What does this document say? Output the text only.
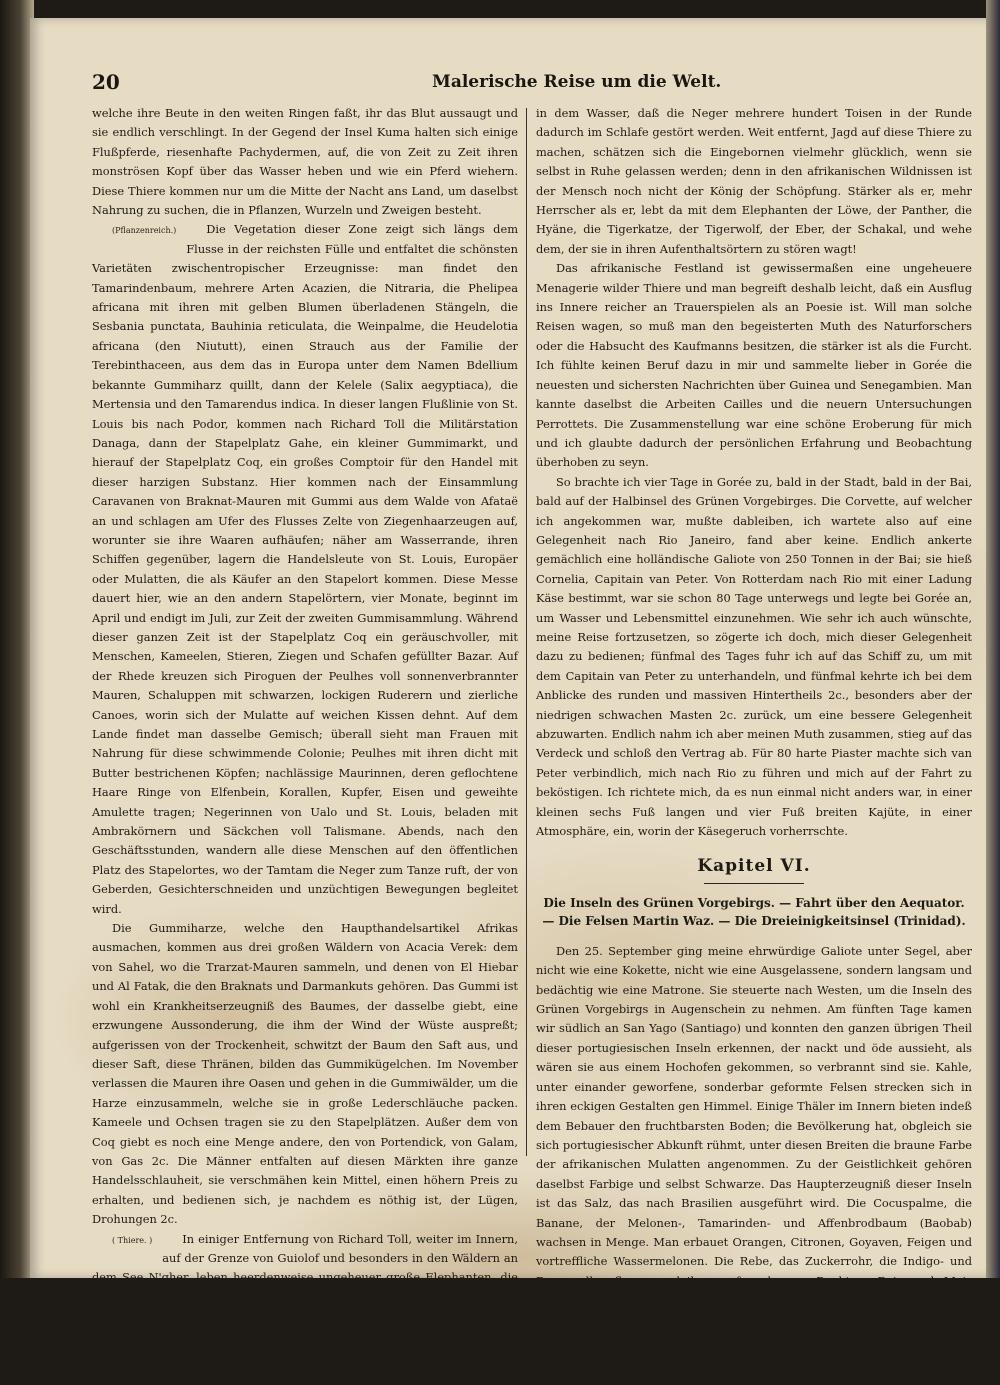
20	Malerische Reise um die Welt.

welche ihre Beute in den weiten Ringen faßt, ihr das Blut aussaugt und sie endlich verschlingt. In der Gegend der Insel Kuma halten sich einige Flußpferde, riesenhafte Pachydermen, auf, die von Zeit zu Zeit ihren monströsen Kopf über das Wasser heben und wie ein Pferd wiehern. Diese Thiere kommen nur um die Mitte der Nacht ans Land, um daselbst Nahrung zu suchen, die in Pflanzen, Wurzeln und Zweigen besteht.

(Pflanzenreich.)	Die Vegetation dieser Zone zeigt sich längs dem Flusse in der reichsten Fülle und entfaltet die schönsten Varietäten zwischentropischer Erzeugnisse: man findet den Tamarindenbaum, mehrere Arten Acazien, die Nitraria, die Phelipea africana mit ihren mit gelben Blumen überladenen Stängeln, die Sesbania punctata, Bauhinia reticulata, die Weinpalme, die Heudelotia africana (den Niututt), einen Strauch aus der Familie der Terebinthaceen, aus dem das in Europa unter dem Namen Bdellium bekannte Gummiharz quillt, dann der Kelele (Salix aegyptiaca), die Mertensia und den Tamarendus indica. In dieser langen Flußlinie von St. Louis bis nach Podor, kommen nach Richard Toll die Militärstation Danaga, dann der Stapelplatz Gahe, ein kleiner Gummimarkt, und hierauf der Stapelplatz Coq, ein großes Comptoir für den Handel mit dieser harzigen Substanz. Hier kommen nach der Einsammlung Caravanen von Braknat-Mauren mit Gummi aus dem Walde von Afataë an und schlagen am Ufer des Flusses Zelte von Ziegenhaarzeugen auf, worunter sie ihre Waaren aufhäufen; näher am Wasserrande, ihren Schiffen gegenüber, lagern die Handelsleute von St. Louis, Europäer oder Mulatten, die als Käufer an den Stapelort kommen. Diese Messe dauert hier, wie an den andern Stapelörtern, vier Monate, beginnt im April und endigt im Juli, zur Zeit der zweiten Gummisammlung. Während dieser ganzen Zeit ist der Stapelplatz Coq ein geräuschvoller, mit Menschen, Kameelen, Stieren, Ziegen und Schafen gefüllter Bazar. Auf der Rhede kreuzen sich Piroguen der Peulhes voll sonnenverbrannter Mauren, Schaluppen mit schwarzen, lockigen Ruderern und zierliche Canoes, worin sich der Mulatte auf weichen Kissen dehnt. Auf dem Lande findet man dasselbe Gemisch; überall sieht man Frauen mit Nahrung für diese schwimmende Colonie; Peulhes mit ihren dicht mit Butter bestrichenen Köpfen; nachlässige Maurinnen, deren geflochtene Haare Ringe von Elfenbein, Korallen, Kupfer, Eisen und geweihte Amulette tragen; Negerinnen von Ualo und St. Louis, beladen mit Ambrakörnern und Säckchen voll Talismane. Abends, nach den Geschäftsstunden, wandern alle diese Menschen auf den öffentlichen Platz des Stapelortes, wo der Tamtam die Neger zum Tanze ruft, der von Geberden, Gesichterschneiden und unzüchtigen Bewegungen begleitet wird.

Die Gummiharze, welche den Haupthandelsartikel Afrikas ausmachen, kommen aus drei großen Wäldern von Acacia Verek: dem von Sahel, wo die Trarzat-Mauren sammeln, und denen von El Hiebar und Al Fatak, die den Braknats und Darmankuts gehören. Das Gummi ist wohl ein Krankheitserzeugniß des Baumes, der dasselbe giebt, eine erzwungene Aussonderung, die ihm der Wind der Wüste auspreßt; aufgerissen von der Trockenheit, schwitzt der Baum den Saft aus, und dieser Saft, diese Thränen, bilden das Gummikügelchen. Im November verlassen die Mauren ihre Oasen und gehen in die Gummiwälder, um die Harze einzusammeln, welche sie in große Lederschläuche packen. Kameele und Ochsen tragen sie zu den Stapelplätzen. Außer dem von Coq giebt es noch eine Menge andere, den von Portendick, von Galam, von Gas 2c. Die Männer entfalten auf diesen Märkten ihre ganze Handelsschlauheit, sie verschmähen kein Mittel, einen höhern Preis zu erhalten, und bedienen sich, je nachdem es nöthig ist, der Lügen, Drohungen 2c.

( Thiere. )	In einiger Entfernung von Richard Toll, weiter im Innern, auf der Grenze von Guiolof und besonders in den Wäldern an dem See N'gher, leben heerdenweise ungeheuer große Elephanten, die hier zahlreicher und wilder sind als in irgend einem andern Theile von Afrika. Des Nachts, wenn alles still ist, kommen diese Pachydermen in Heerden an ihre Tränke am See neben dem Städtchen Serr, sammeln sich daselbst zu Hunderten, weiden da und wälzen sich mit solchem Lärme

in dem Wasser, daß die Neger mehrere hundert Toisen in der Runde dadurch im Schlafe gestört werden. Weit entfernt, Jagd auf diese Thiere zu machen, schätzen sich die Eingebornen vielmehr glücklich, wenn sie selbst in Ruhe gelassen werden; denn in den afrikanischen Wildnissen ist der Mensch noch nicht der König der Schöpfung. Stärker als er, mehr Herrscher als er, lebt da mit dem Elephanten der Löwe, der Panther, die Hyäne, die Tigerkatze, der Tigerwolf, der Eber, der Schakal, und wehe dem, der sie in ihren Aufenthaltsörtern zu stören wagt!

Das afrikanische Festland ist gewissermaßen eine ungeheuere Menagerie wilder Thiere und man begreift deshalb leicht, daß ein Ausflug ins Innere reicher an Trauerspielen als an Poesie ist. Will man solche Reisen wagen, so muß man den begeisterten Muth des Naturforschers oder die Habsucht des Kaufmanns besitzen, die stärker ist als die Furcht. Ich fühlte keinen Beruf dazu in mir und sammelte lieber in Gorée die neuesten und sichersten Nachrichten über Guinea und Senegambien. Man kannte daselbst die Arbeiten Cailles und die neuern Untersuchungen Perrottets. Die Zusammenstellung war eine schöne Eroberung für mich und ich glaubte dadurch der persönlichen Erfahrung und Beobachtung überhoben zu seyn.

So brachte ich vier Tage in Gorée zu, bald in der Stadt, bald in der Bai, bald auf der Halbinsel des Grünen Vorgebirges. Die Corvette, auf welcher ich angekommen war, mußte dableiben, ich wartete also auf eine Gelegenheit nach Rio Janeiro, fand aber keine. Endlich ankerte gemächlich eine holländische Galiote von 250 Tonnen in der Bai; sie hieß Cornelia, Capitain van Peter. Von Rotterdam nach Rio mit einer Ladung Käse bestimmt, war sie schon 80 Tage unterwegs und legte bei Gorée an, um Wasser und Lebensmittel einzunehmen. Wie sehr ich auch wünschte, meine Reise fortzusetzen, so zögerte ich doch, mich dieser Gelegenheit dazu zu bedienen; fünfmal des Tages fuhr ich auf das Schiff zu, um mit dem Capitain van Peter zu unterhandeln, und fünfmal kehrte ich bei dem Anblicke des runden und massiven Hintertheils 2c., besonders aber der niedrigen schwachen Masten 2c. zurück, um eine bessere Gelegenheit abzuwarten. Endlich nahm ich aber meinen Muth zusammen, stieg auf das Verdeck und schloß den Vertrag ab. Für 80 harte Piaster machte sich van Peter verbindlich, mich nach Rio zu führen und mich auf der Fahrt zu beköstigen. Ich richtete mich, da es nun einmal nicht anders war, in einer kleinen sechs Fuß langen und vier Fuß breiten Kajüte, in einer Atmosphäre, ein, worin der Käsegeruch vorherrschte.

Kapitel VI.
Die Inseln des Grünen Vorgebirgs. — Fahrt über den Aequator. — Die Felsen Martin Waz. — Die Dreieinigkeitsinsel (Trinidad).

Den 25. September ging meine ehrwürdige Galiote unter Segel, aber nicht wie eine Kokette, nicht wie eine Ausgelassene, sondern langsam und bedächtig wie eine Matrone. Sie steuerte nach Westen, um die Inseln des Grünen Vorgebirgs in Augenschein zu nehmen. Am fünften Tage kamen wir südlich an San Yago (Santiago) und konnten den ganzen übrigen Theil dieser portugiesischen Inseln erkennen, der nackt und öde aussieht, als wären sie aus einem Hochofen gekommen, so verbrannt sind sie. Kahle, unter einander geworfene, sonderbar geformte Felsen strecken sich in ihren eckigen Gestalten gen Himmel. Einige Thäler im Innern bieten indeß dem Bebauer den fruchtbarsten Boden; die Bevölkerung hat, obgleich sie sich portugiesischer Abkunft rühmt, unter diesen Breiten die braune Farbe der afrikanischen Mulatten angenommen. Zu der Geistlichkeit gehören daselbst Farbige und selbst Schwarze. Das Haupterzeugniß dieser Inseln ist das Salz, das nach Brasilien ausgeführt wird. Die Cocuspalme, die Banane, der Melonen-, Tamarinden- und Affenbrodbaum (Baobab) wachsen in Menge. Man erbauet Orangen, Citronen, Goyaven, Feigen und vortreffliche Wassermelonen. Die Rebe, das Zuckerrohr, die Indigo- und Baumwollenpflanze gedeihen auf mehreren Punkten. Reis und Mais wächst in Regenjahren, herrscht aber Trockenheit, so verdorren und verbrennen
